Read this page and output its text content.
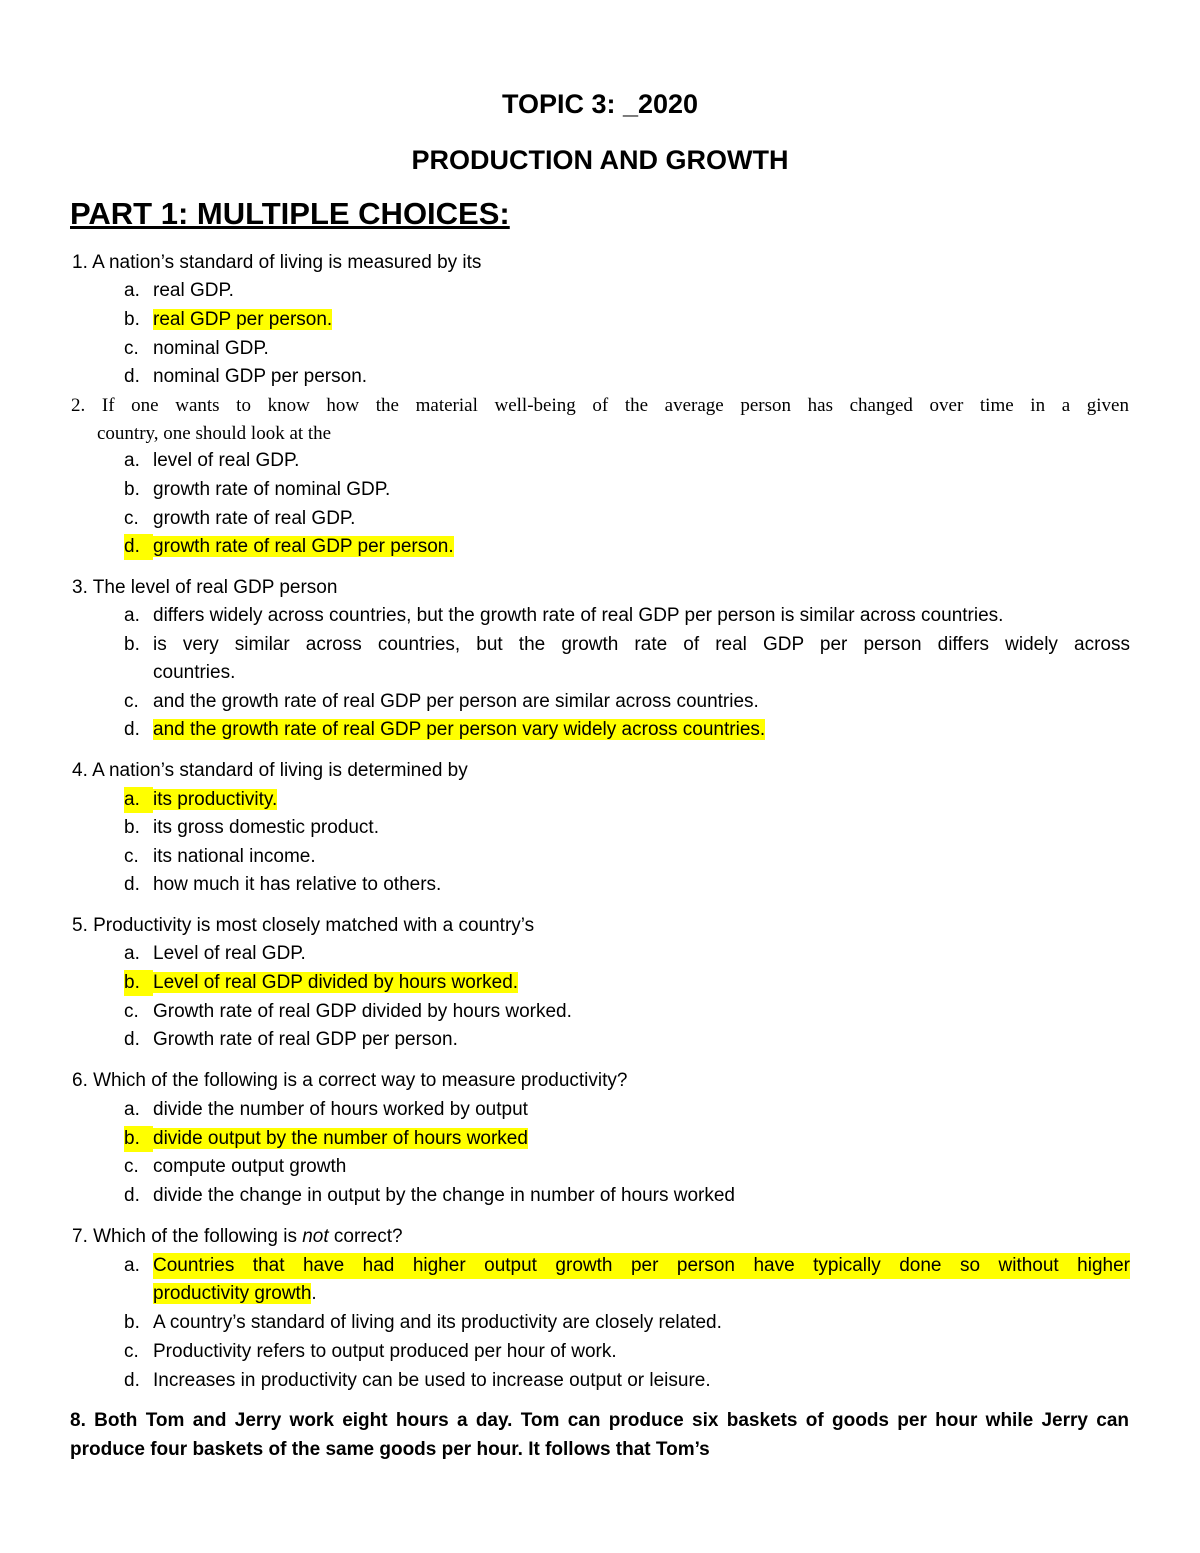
TOPIC 3: _2020
PRODUCTION AND GROWTH
PART 1: MULTIPLE CHOICES:
1. A nation’s standard of living is measured by its
a. real GDP.
b. real GDP per person.
c. nominal GDP.
d. nominal GDP per person.
2. If one wants to know how the material well-being of the average person has changed over time in a given
country, one should look at the
a. level of real GDP.
b. growth rate of nominal GDP.
c. growth rate of real GDP.
d. growth rate of real GDP per person.
3. The level of real GDP person
a. differs widely across countries, but the growth rate of real GDP per person is similar across countries.
b. is very similar across countries, but the growth rate of real GDP per person differs widely across
countries.
c. and the growth rate of real GDP per person are similar across countries.
d. and the growth rate of real GDP per person vary widely across countries.
4. A nation’s standard of living is determined by
a. its productivity.
b. its gross domestic product.
c. its national income.
d. how much it has relative to others.
5. Productivity is most closely matched with a country’s
a. Level of real GDP.
b. Level of real GDP divided by hours worked.
c. Growth rate of real GDP divided by hours worked.
d. Growth rate of real GDP per person.
6. Which of the following is a correct way to measure productivity?
a. divide the number of hours worked by output
b. divide output by the number of hours worked
c. compute output growth
d. divide the change in output by the change in number of hours worked
7. Which of the following is not correct?
a. Countries that have had higher output growth per person have typically done so without higher
productivity growth.
b. A country’s standard of living and its productivity are closely related.
c. Productivity refers to output produced per hour of work.
d. Increases in productivity can be used to increase output or leisure.
8. Both Tom and Jerry work eight hours a day. Tom can produce six baskets of goods per hour while Jerry can
produce four baskets of the same goods per hour. It follows that Tom’s
